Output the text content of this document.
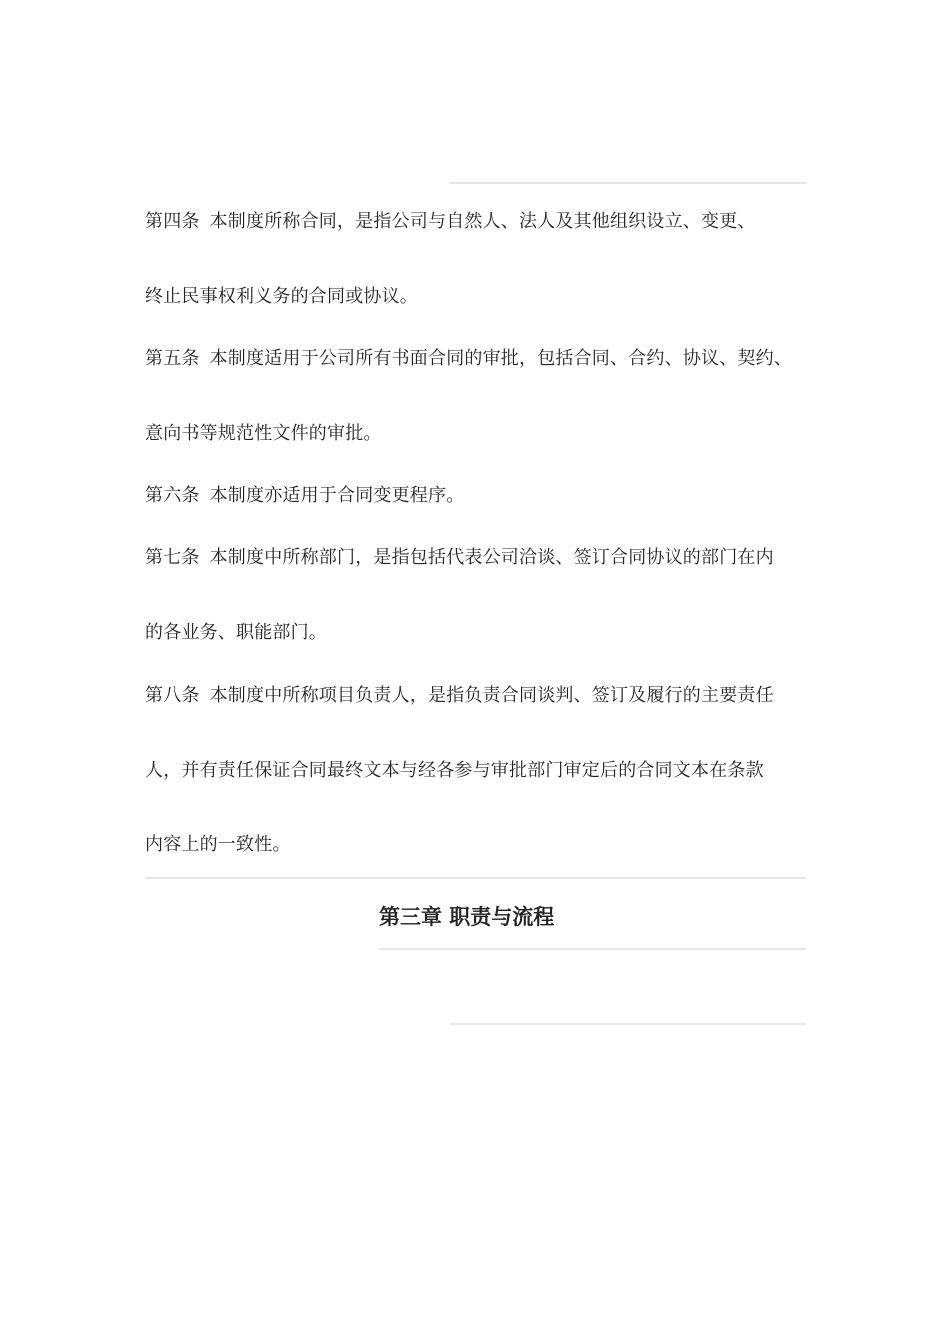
第四条 本制度所称合同，是指公司与自然人、法人及其他组织设立、变更、
终止民事权利义务的合同或协议。
第五条 本制度适用于公司所有书面合同的审批，包括合同、合约、协议、契约、
意向书等规范性文件的审批。
第六条 本制度亦适用于合同变更程序。
第七条 本制度中所称部门，是指包括代表公司洽谈、签订合同协议的部门在内
的各业务、职能部门。
第八条 本制度中所称项目负责人，是指负责合同谈判、签订及履行的主要责任
人，并有责任保证合同最终文本与经各参与审批部门审定后的合同文本在条款
内容上的一致性。
第三章 职责与流程
